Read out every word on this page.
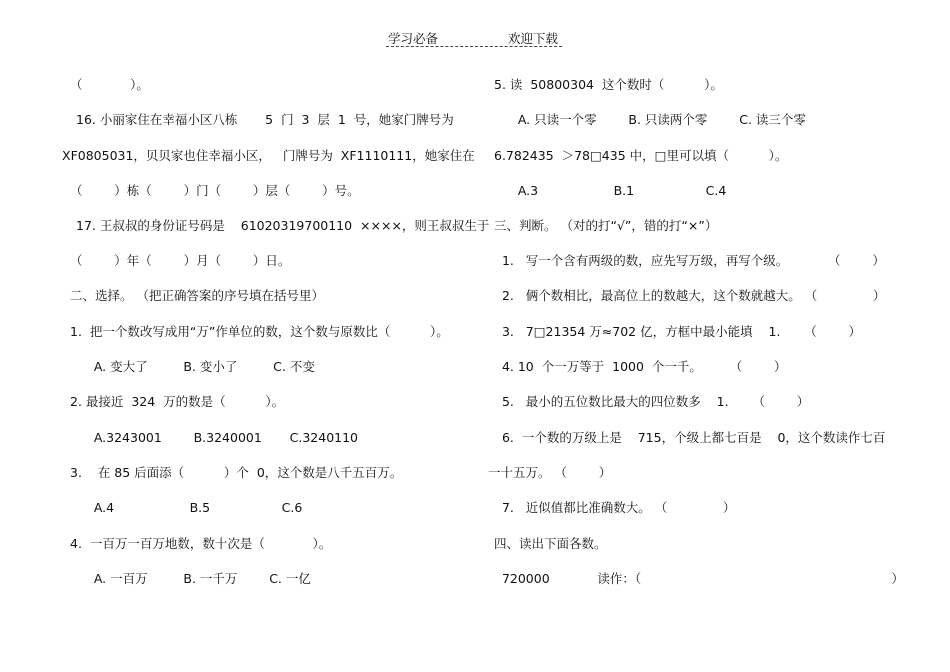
学习必备	欢迎下载
（            ）。
16. 小丽家住在幸福小区八栋       5  门  3  层  1  号，她家门牌号为
XF0805031，贝贝家也住幸福小区，   门牌号为  XF1110111，她家住在
（        ）栋（        ）门（        ）层（        ）号。
17. 王叔叔的身份证号码是    61020319700110  ××××，则王叔叔生于
（        ）年（        ）月（        ）日。
二、选择。 （把正确答案的序号填在括号里）
1.  把一个数改写成用“万”作单位的数，这个数与原数比（          ）。
A. 变大了         B. 变小了         C. 不变
2. 最接近  324  万的数是（          ）。
A.3243001        B.3240001       C.3240110
3.    在 85 后面添（          ）个  0，这个数是八千五百万。
A.4                   B.5                  C.6
4.  一百万一百万地数，数十次是（            ）。
A. 一百万         B. 一千万        C. 一亿
5. 读  50800304  这个数时（          ）。
A. 只读一个零        B. 只读两个零        C. 读三个零
6.782435  ＞78□435 中，□里可以填（          ）。
A.3                   B.1                  C.4
三、判断。 （对的打“√”，错的打“×”）
1.   写一个含有两级的数，应先写万级，再写个级。          （        ）
2.   俩个数相比，最高位上的数越大，这个数就越大。 （              ）
3.   7□21354 万≈702 亿，方框中最小能填    1.      （        ）
4. 10  个一万等于  1000  个一千。       （        ）
5.   最小的五位数比最大的四位数多    1.      （        ）
6.  一个数的万级上是    715，个级上都七百是    0，这个数读作七百
一十五万。 （        ）
7.   近似值都比准确数大。 （              ）
四、读出下面各数。
720000            读作：（                                                               ）
